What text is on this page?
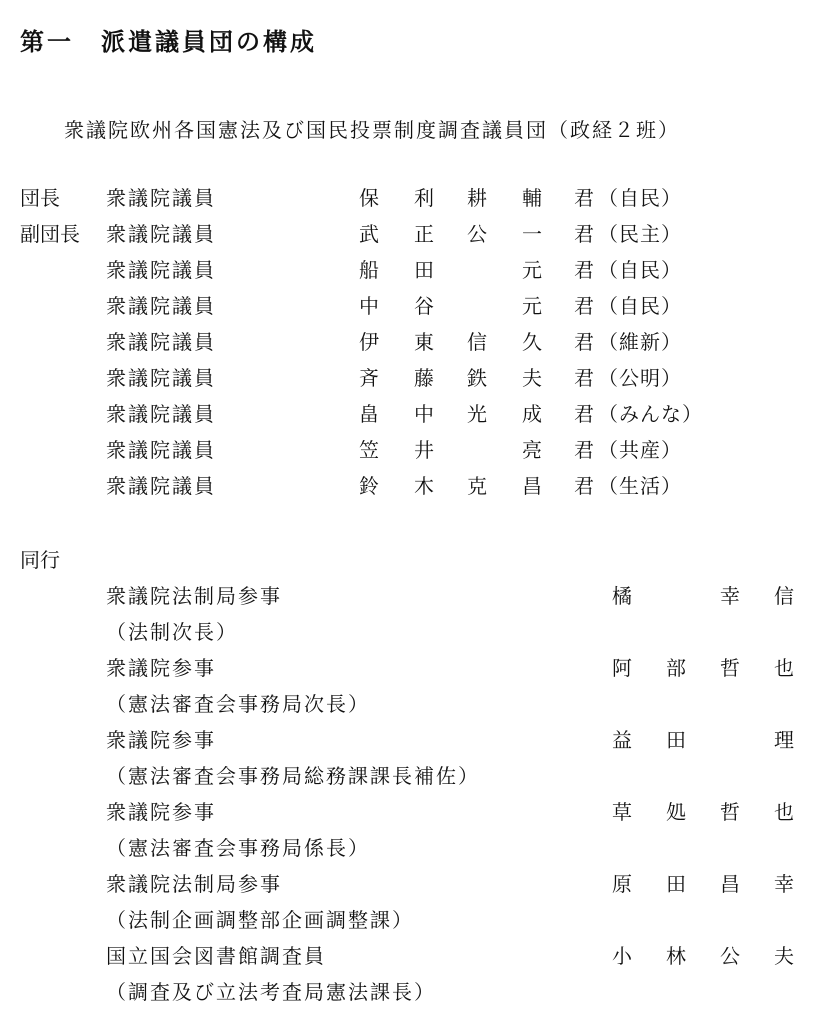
第一　派遣議員団の構成
衆議院欧州各国憲法及び国民投票制度調査議員団（政経２班）
団長 衆議院議員	保 利 耕 輔 君 （自民）
副団長 衆議院議員	武 正 公 一 君 （民主）
衆議院議員	船 田	元 君 （自民）
衆議院議員	中 谷	元 君 （自民）
衆議院議員	伊 東 信 久 君 （維新）
衆議院議員	斉 藤 鉄 夫 君 （公明）
衆議院議員	畠 中 光 成 君 （みんな）
衆議院議員	笠 井	亮 君 （共産）
衆議院議員	鈴 木 克 昌 君 （生活）
同行
衆議院法制局参事	橘	幸 信
（法制次長）
衆議院参事	阿 部 哲 也
（憲法審査会事務局次長）
衆議院参事	益 田	理
（憲法審査会事務局総務課課長補佐）
衆議院参事	草 処 哲 也
（憲法審査会事務局係長）
衆議院法制局参事	原 田 昌 幸
（法制企画調整部企画調整課）
国立国会図書館調査員	小 林 公 夫
（調査及び立法考査局憲法課長）
